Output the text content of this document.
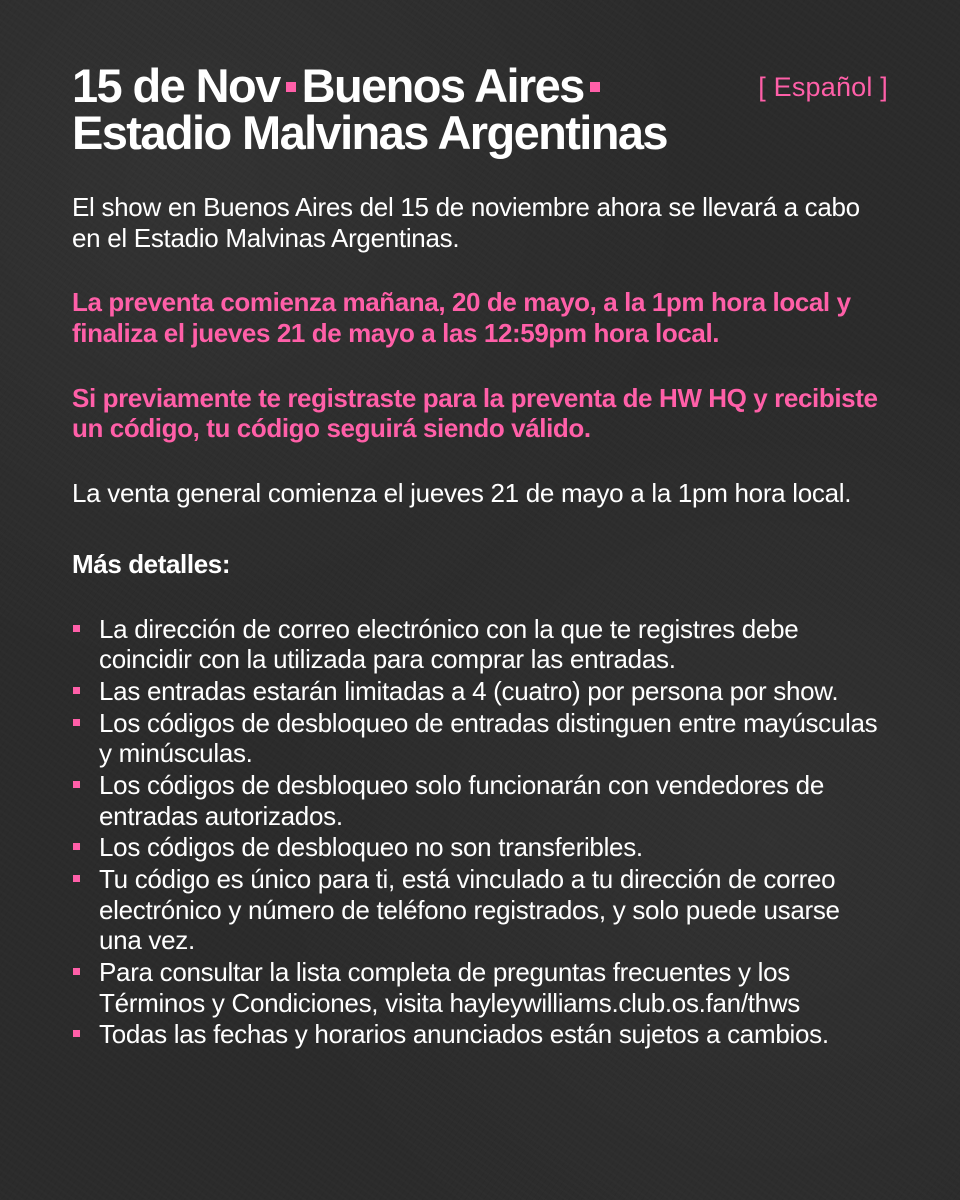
[ Español ]
15 de Nov Buenos Aires
Estadio Malvinas Argentinas

El show en Buenos Aires del 15 de noviembre ahora se llevará a cabo en el Estadio Malvinas Argentinas.

La preventa comienza mañana, 20 de mayo, a la 1pm hora local y finaliza el jueves 21 de mayo a las 12:59pm hora local.

Si previamente te registraste para la preventa de HW HQ y recibiste un código, tu código seguirá siendo válido.

La venta general comienza el jueves 21 de mayo a la 1pm hora local.

Más detalles:
La dirección de correo electrónico con la que te registres debe coincidir con la utilizada para comprar las entradas.
Las entradas estarán limitadas a 4 (cuatro) por persona por show.
Los códigos de desbloqueo de entradas distinguen entre mayúsculas y minúsculas.
Los códigos de desbloqueo solo funcionarán con vendedores de entradas autorizados.
Los códigos de desbloqueo no son transferibles.
Tu código es único para ti, está vinculado a tu dirección de correo electrónico y número de teléfono registrados, y solo puede usarse una vez.
Para consultar la lista completa de preguntas frecuentes y los Términos y Condiciones, visita hayleywilliams.club.os.fan/thws
Todas las fechas y horarios anunciados están sujetos a cambios.
